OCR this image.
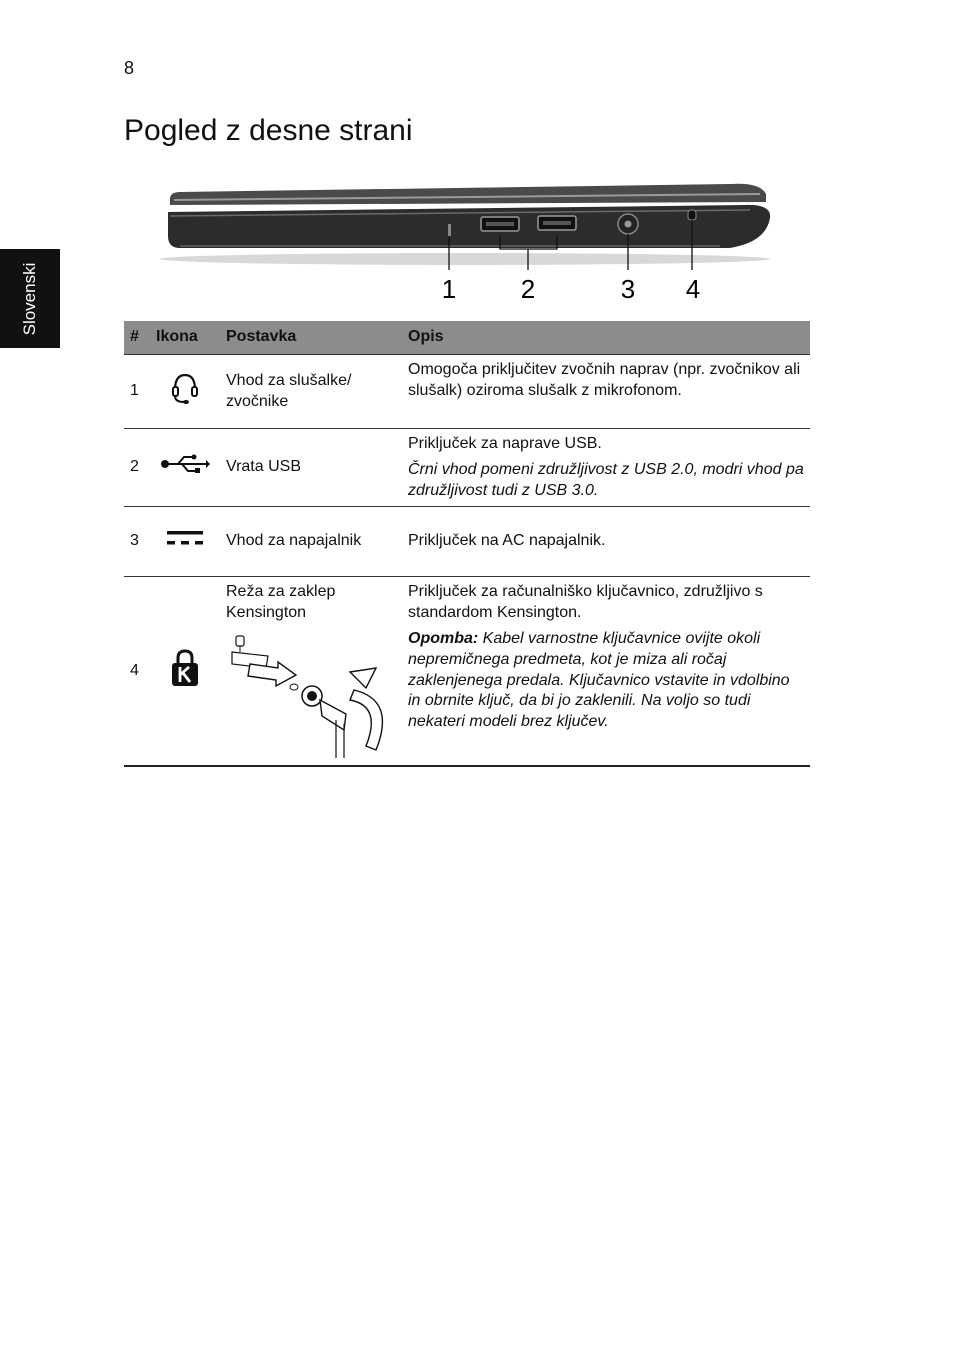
8
Pogled z desne strani
Slovenski	1 2	3 4
#	Ikona	Postavka	Opis
1		Vhod za slušalke/ zvočnike	Omogoča priključitev zvočnih naprav (npr. zvočnikov ali slušalk) oziroma slušalk z mikrofonom.

2		Vrata USB	Priključek za naprave USB.

Črni vhod pomeni združljivost z USB 2.0, modri vhod pa združljivost tudi z USB 3.0.

3		Vhod za napajalnik	Priključek na AC napajalnik.

4		Reža za zaklep Kensington	Priključek za računalniško ključavnico, združljivo s standardom Kensington.

Opomba: Kabel varnostne ključavnice ovijte okoli nepremičnega predmeta, kot je miza ali ročaj zaklenjenega predala. Ključavnico vstavite in vdolbino in obrnite ključ, da bi jo zaklenili. Na voljo so tudi nekateri modeli brez ključev.
